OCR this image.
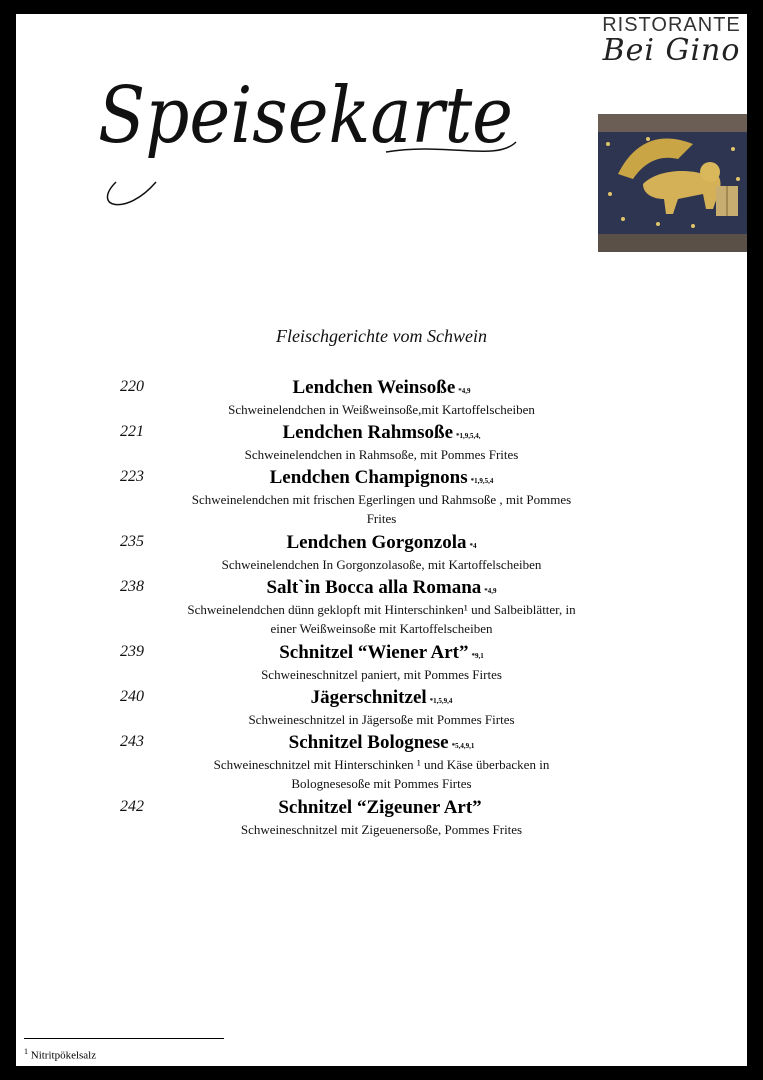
Speisekarte
RISTORANTE
Bei Gino
Fleischgerichte vom Schwein
220	Lendchen Weinsoße *4,9
Schweinelendchen in Weißweinsoße,mit Kartoffelscheiben
221	Lendchen Rahmsoße *1,9,5,4,
Schweinelendchen in Rahmsoße, mit Pommes Frites
223	Lendchen Champignons *1,9,5,4
Schweinelendchen mit frischen Egerlingen und Rahmsoße , mit Pommes Frites
235	Lendchen Gorgonzola *4
Schweinelendchen In Gorgonzolasoße, mit Kartoffelscheiben
238	Salt`in Bocca alla Romana *4,9
Schweinelendchen dünn geklopft mit Hinterschinken¹ und Salbeiblätter, in einer Weißweinsoße mit Kartoffelscheiben
239	Schnitzel “Wiener Art” *9,1
Schweineschnitzel paniert, mit Pommes Firtes
240	Jägerschnitzel *1,5,9,4
Schweineschnitzel in Jägersoße mit Pommes Firtes
243	Schnitzel Bolognese *5,4,9,1
Schweineschnitzel mit Hinterschinken ¹ und Käse überbacken in Bolognesesoße mit Pommes Firtes
242	Schnitzel “Zigeuner Art”
Schweineschnitzel mit Zigeuenersoße, Pommes Frites
$^1$ Nitritpökelsalz
